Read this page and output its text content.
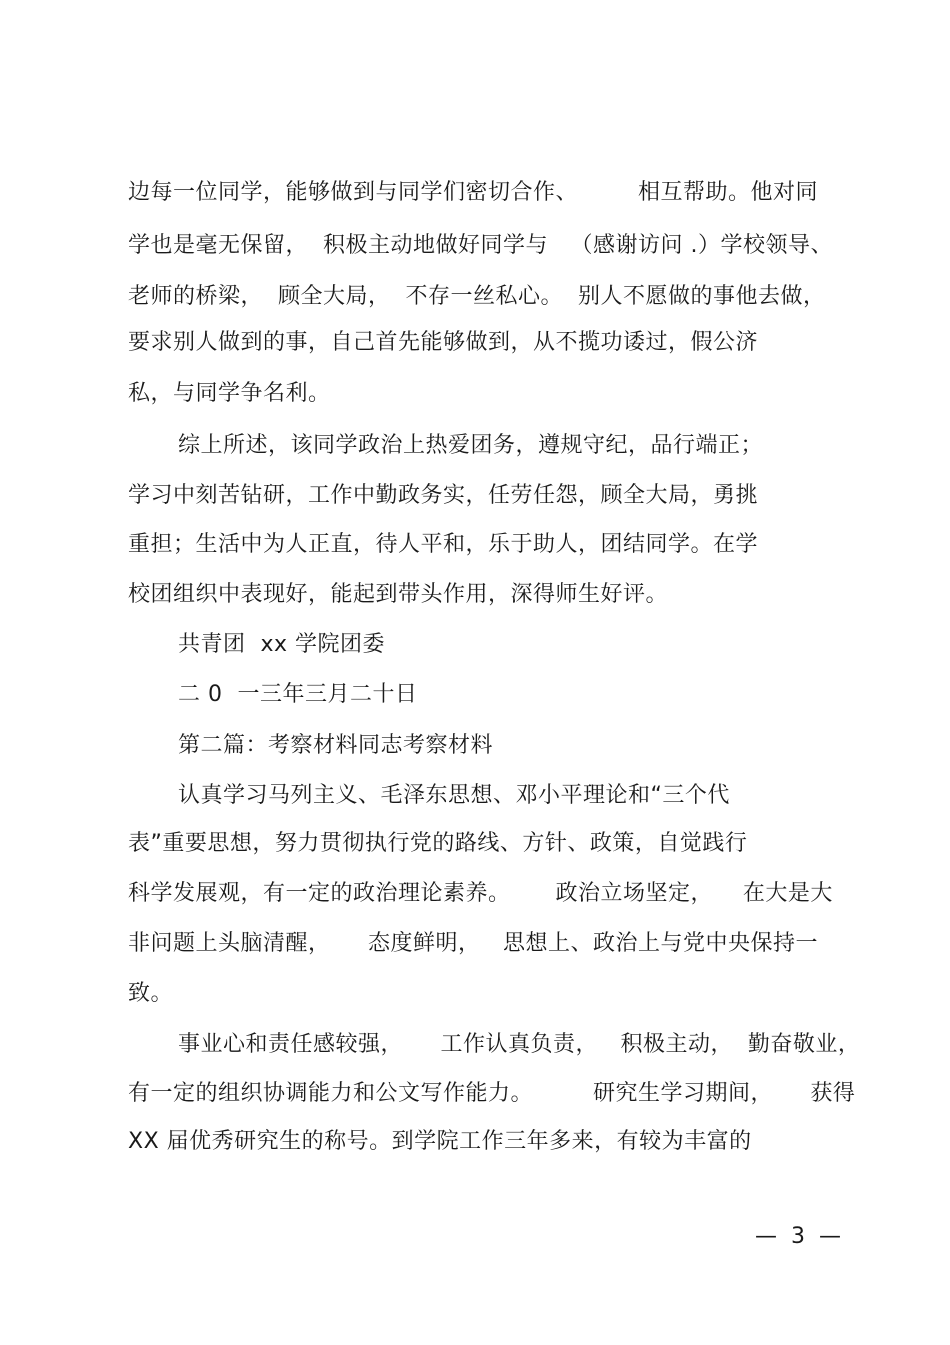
边每一位同学，能够做到与同学们密切合作、        相互帮助。他对同
学也是毫无保留，  积极主动地做好同学与   （感谢访问 .）学校领导、
老师的桥梁，  顾全大局，  不存一丝私心。  别人不愿做的事他去做，
要求别人做到的事，自己首先能够做到，从不揽功诿过，假公济
私，与同学争名利。
综上所述，该同学政治上热爱团务，遵规守纪，品行端正；
学习中刻苦钻研，工作中勤政务实，任劳任怨，顾全大局，勇挑
重担；生活中为人正直，待人平和，乐于助人，团结同学。在学
校团组织中表现好，能起到带头作用，深得师生好评。
共青团  xx 学院团委
二 0  一三年三月二十日
第二篇：考察材料同志考察材料
认真学习马列主义、毛泽东思想、邓小平理论和“三个代
表”重要思想，努力贯彻执行党的路线、方针、政策，自觉践行
科学发展观，有一定的政治理论素养。      政治立场坚定，    在大是大
非问题上头脑清醒，     态度鲜明，   思想上、政治上与党中央保持一
致。
事业心和责任感较强，     工作认真负责，   积极主动，  勤奋敬业，
有一定的组织协调能力和公文写作能力。        研究生学习期间，     获得
XX 届优秀研究生的称号。到学院工作三年多来，有较为丰富的
—  3  —
